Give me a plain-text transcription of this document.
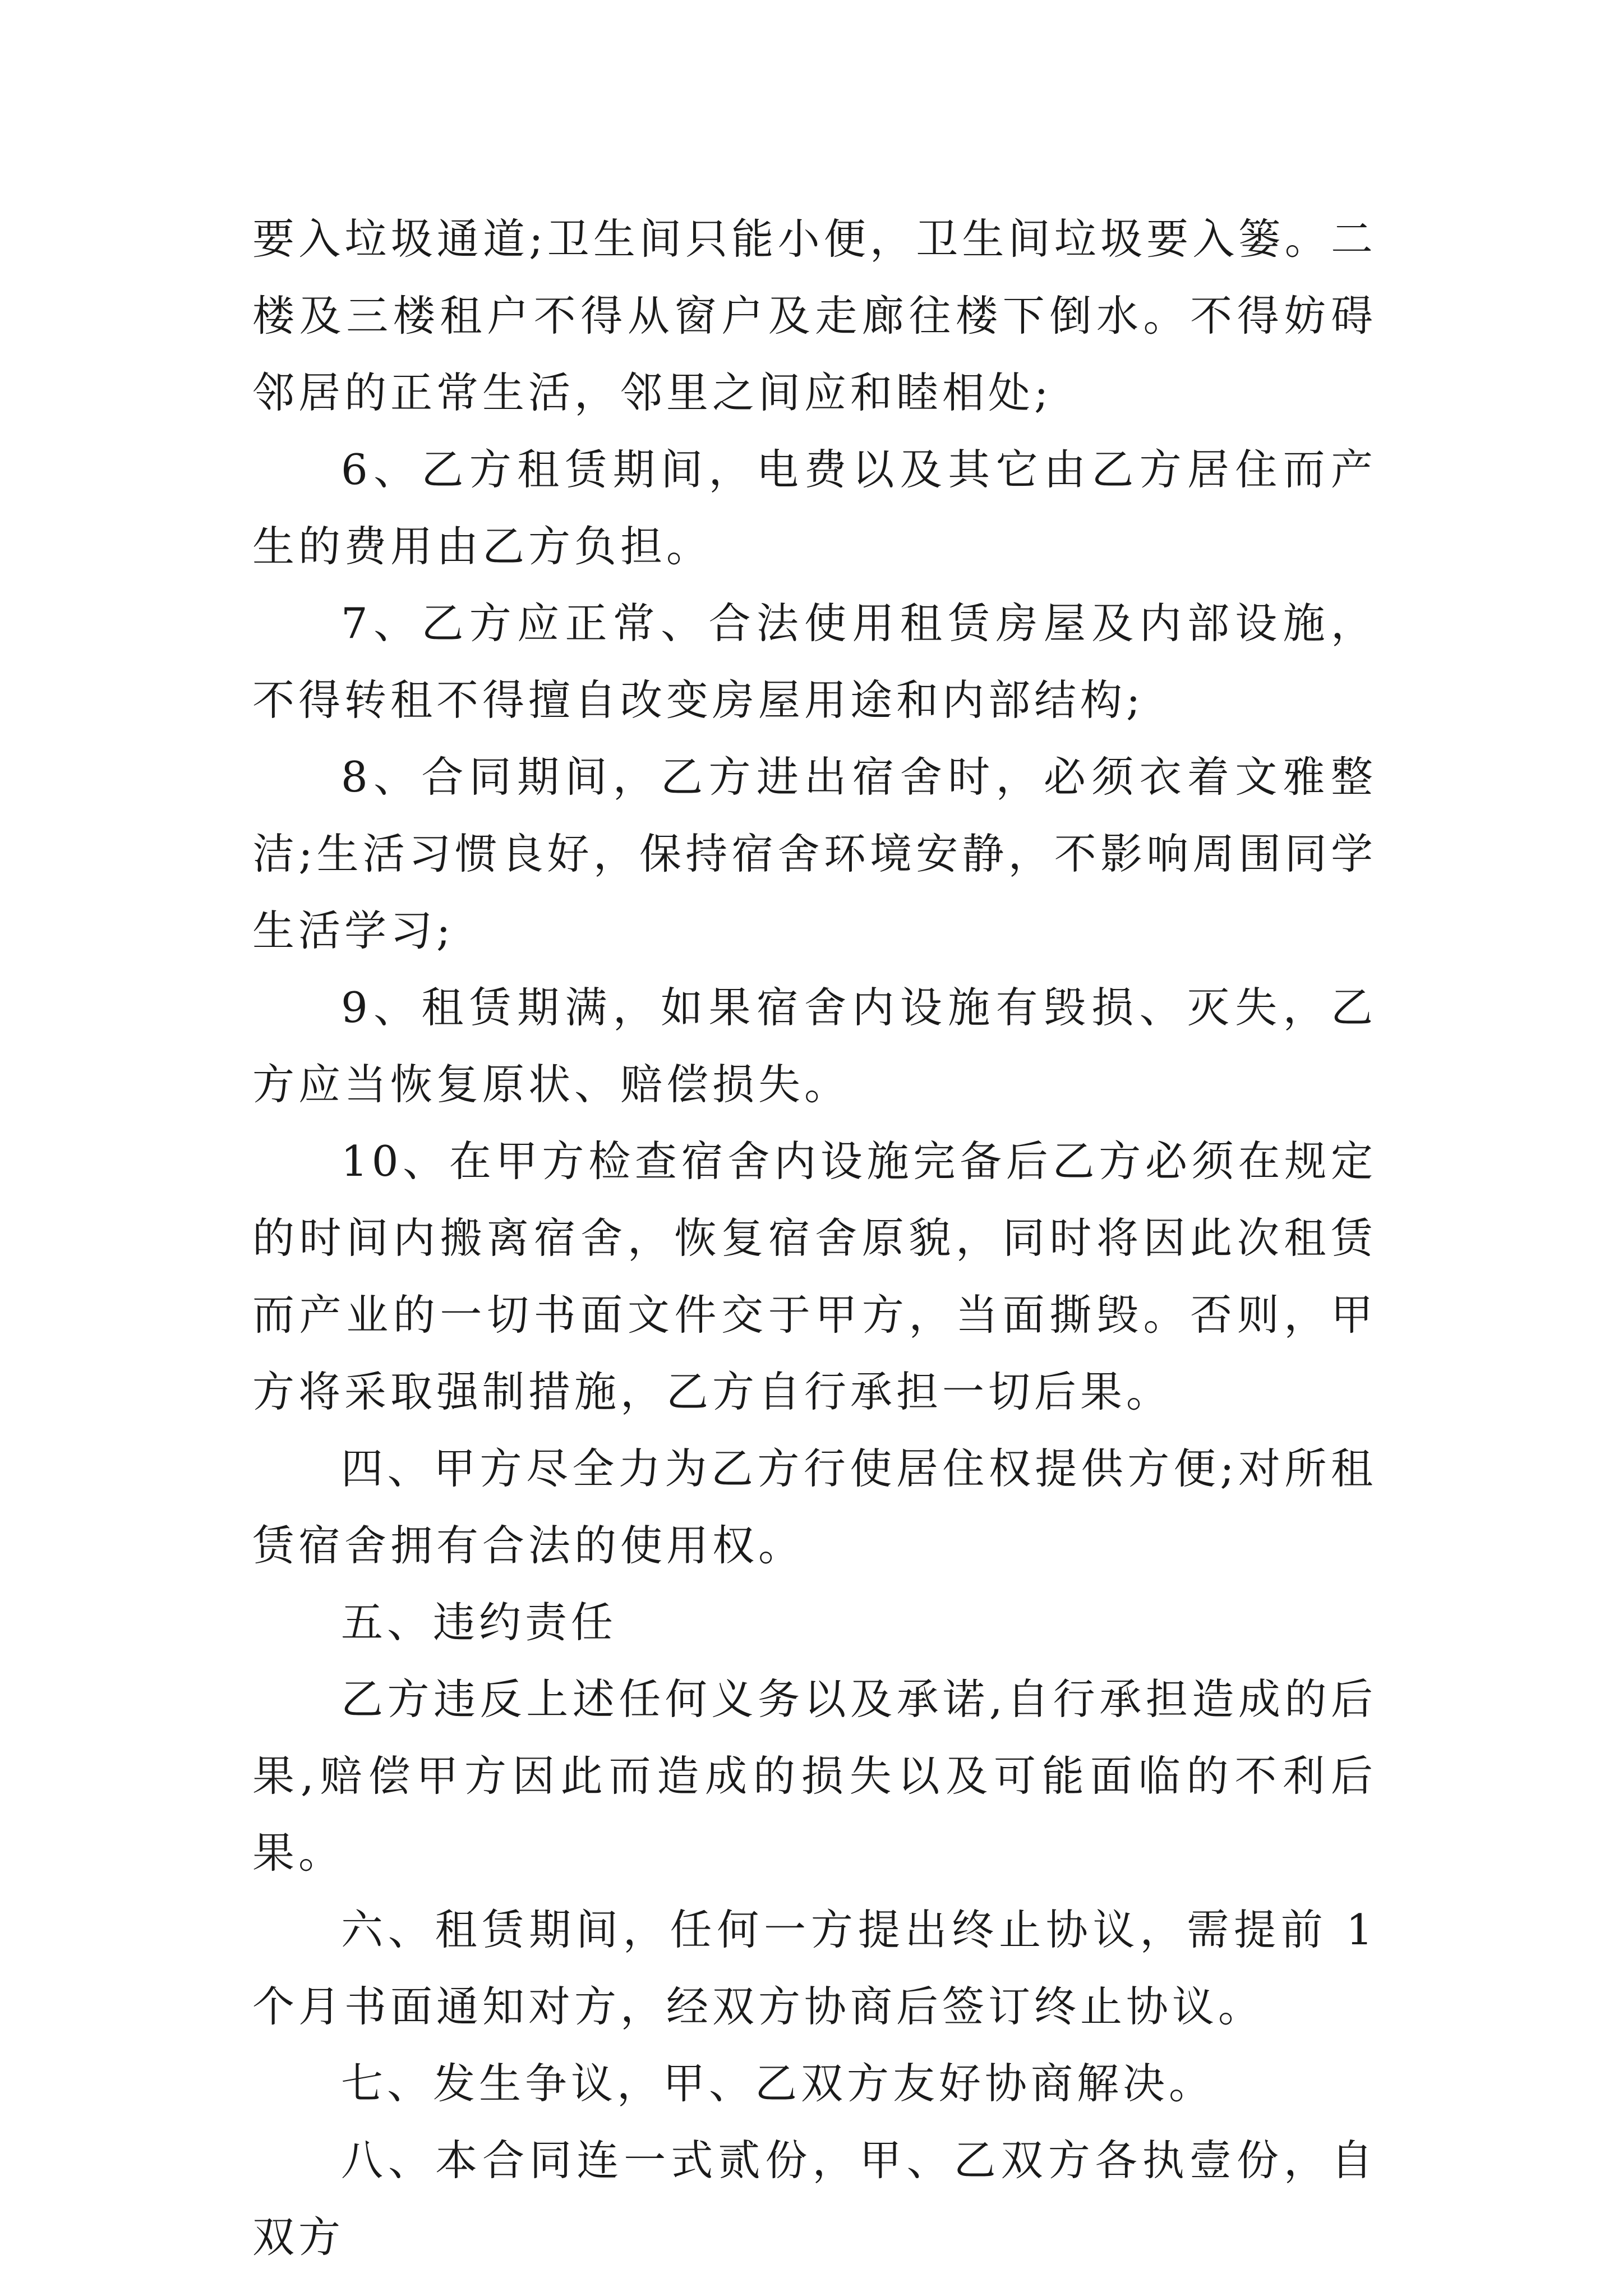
要入垃圾通道;卫生间只能小便，卫生间垃圾要入篓。二楼及三楼租户不得从窗户及走廊往楼下倒水。不得妨碍邻居的正常生活，邻里之间应和睦相处;

6、乙方租赁期间，电费以及其它由乙方居住而产生的费用由乙方负担。

7、乙方应正常、合法使用租赁房屋及内部设施，不得转租不得擅自改变房屋用途和内部结构;

8、合同期间，乙方进出宿舍时，必须衣着文雅整洁;生活习惯良好，保持宿舍环境安静，不影响周围同学生活学习;

9、租赁期满，如果宿舍内设施有毁损、灭失，乙方应当恢复原状、赔偿损失。

10、在甲方检查宿舍内设施完备后乙方必须在规定的时间内搬离宿舍，恢复宿舍原貌，同时将因此次租赁而产业的一切书面文件交于甲方，当面撕毁。否则，甲方将采取强制措施，乙方自行承担一切后果。

四、甲方尽全力为乙方行使居住权提供方便;对所租赁宿舍拥有合法的使用权。

五、违约责任

乙方违反上述任何义务以及承诺,自行承担造成的后果,赔偿甲方因此而造成的损失以及可能面临的不利后果。

六、租赁期间，任何一方提出终止协议，需提前 1 个月书面通知对方，经双方协商后签订终止协议。

七、发生争议，甲、乙双方友好协商解决。

八、本合同连一式贰份，甲、乙双方各执壹份，自双方
